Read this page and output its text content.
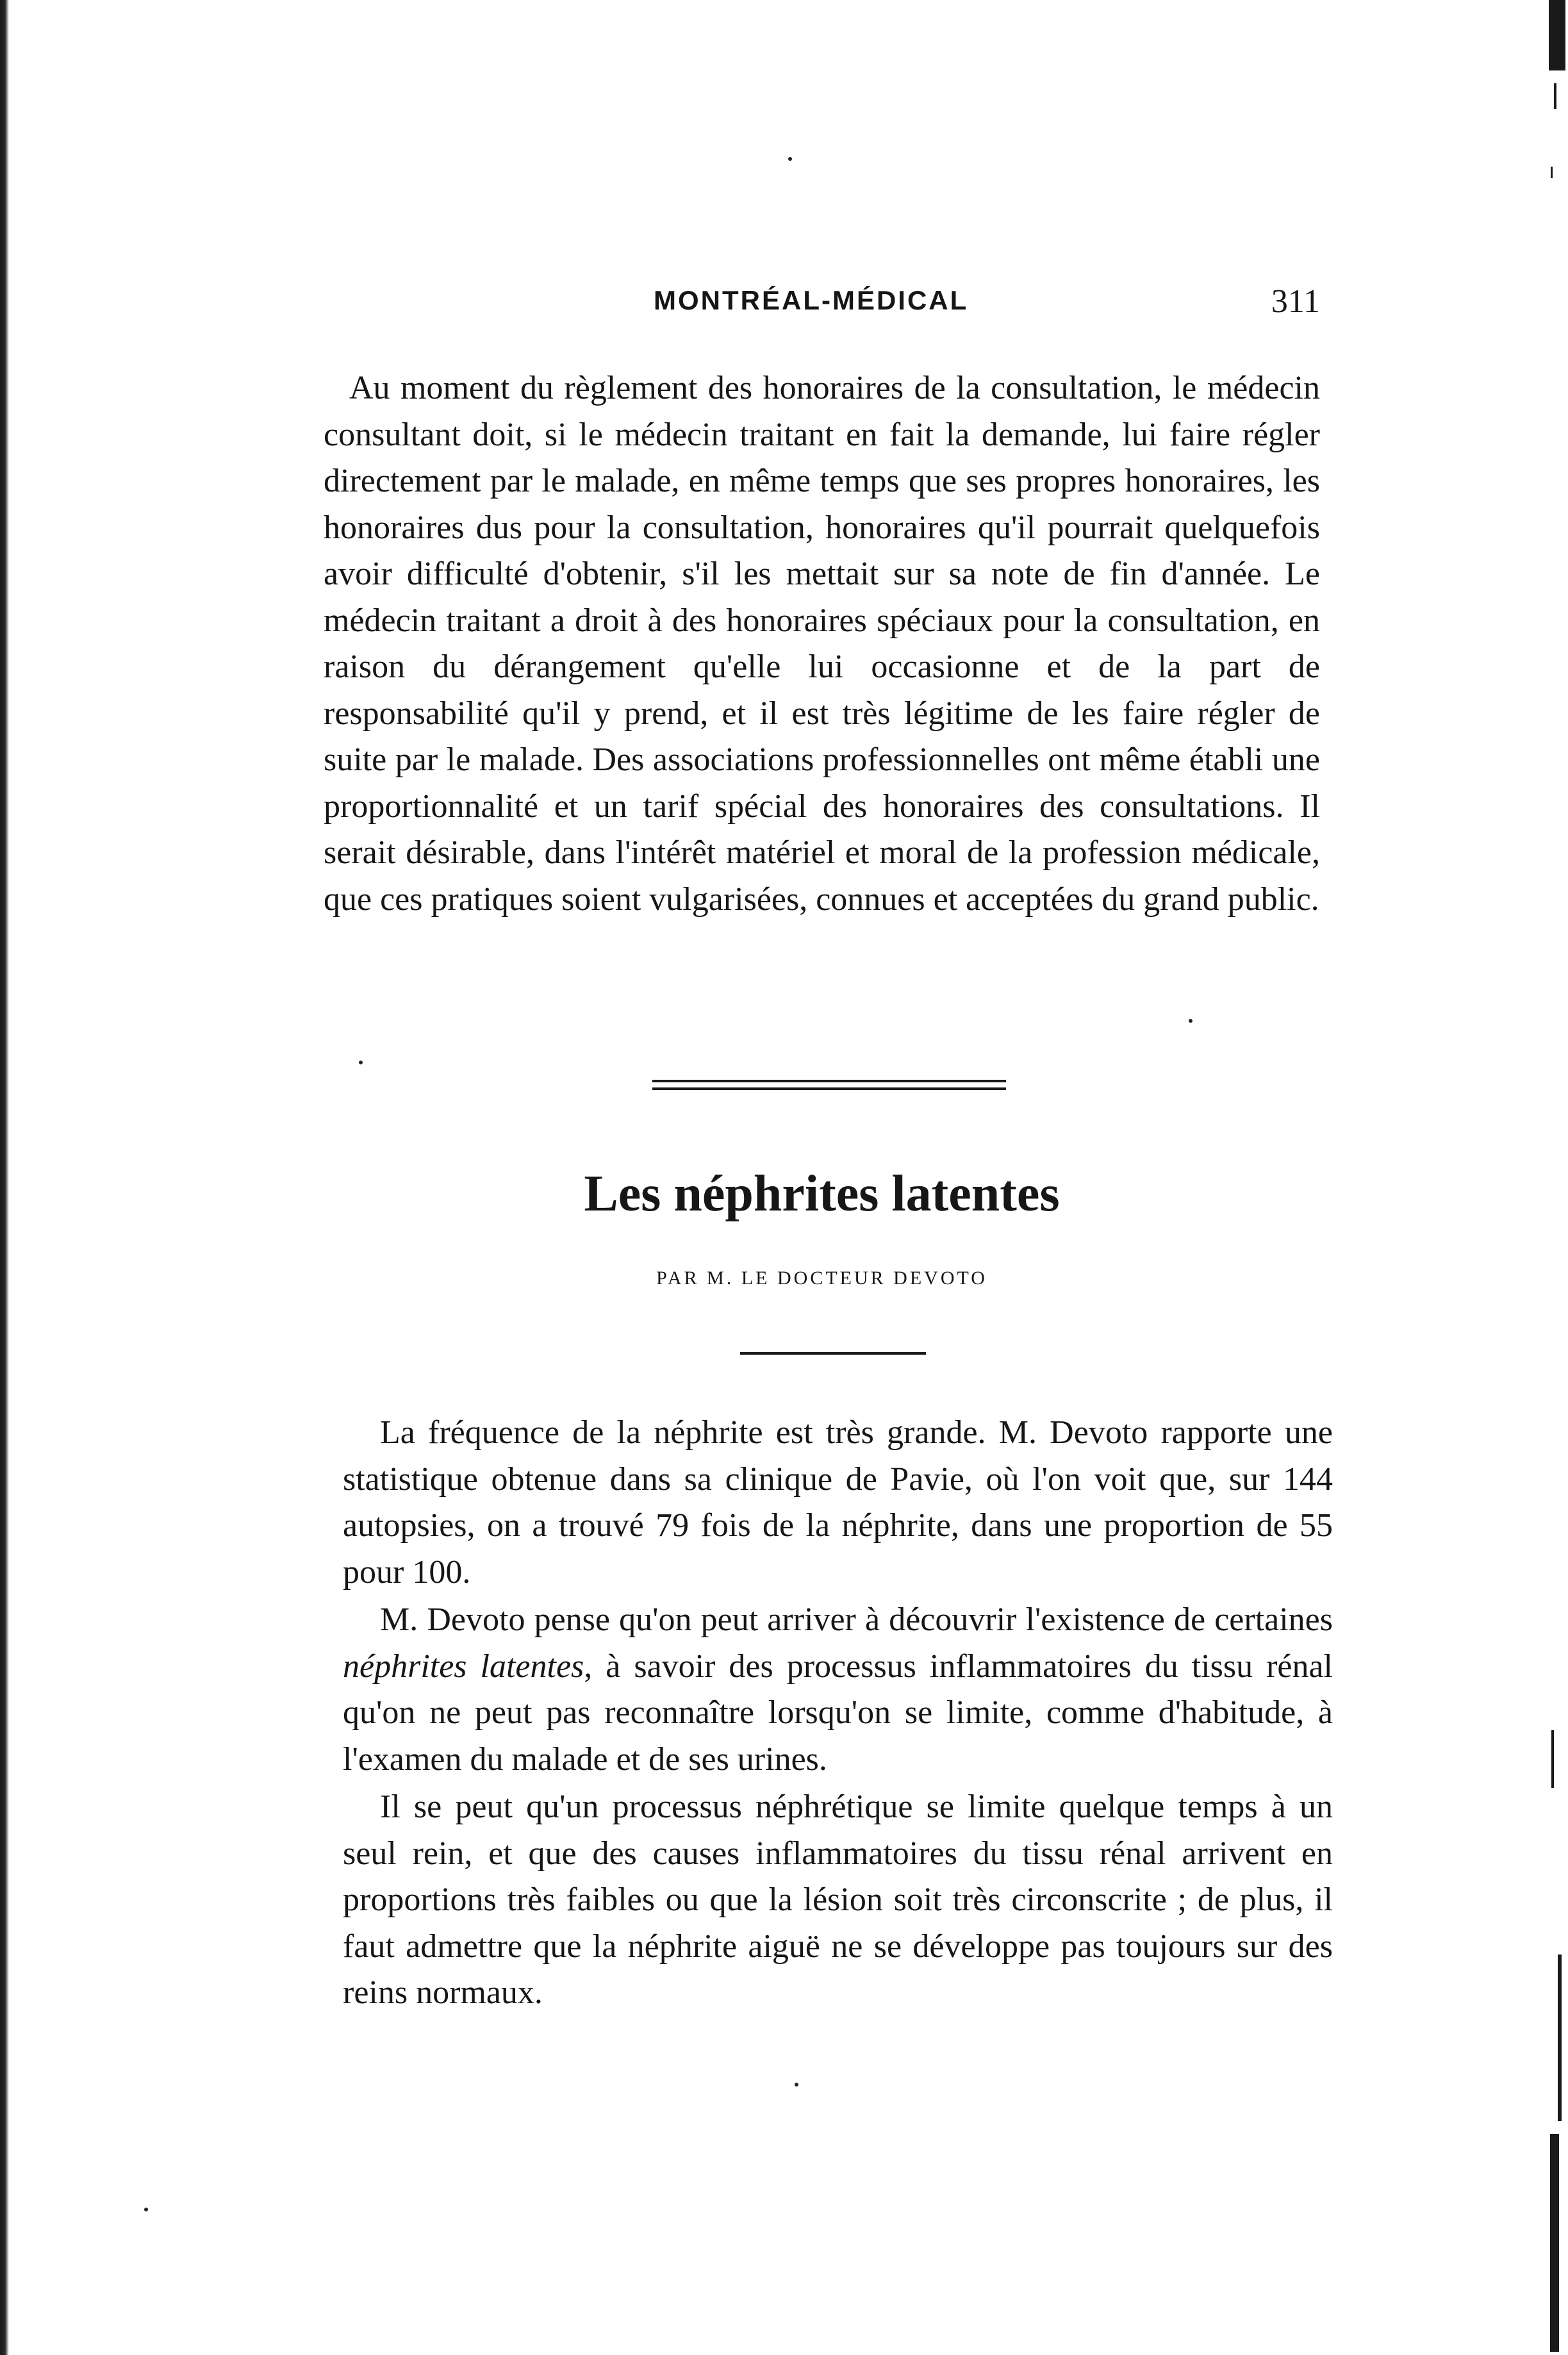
MONTRÉAL-MÉDICAL	311

Au moment du règlement des honoraires de la consultation, le médecin consultant doit, si le médecin traitant en fait la demande, lui faire régler directement par le malade, en même temps que ses propres honoraires, les honoraires dus pour la consultation, honoraires qu'il pourrait quelquefois avoir difficulté d'obtenir, s'il les mettait sur sa note de fin d'année. Le médecin traitant a droit à des honoraires spéciaux pour la consultation, en raison du dérangement qu'elle lui occasionne et de la part de responsabilité qu'il y prend, et il est très légitime de les faire régler de suite par le malade. Des associations professionnelles ont même établi une proportionnalité et un tarif spécial des honoraires des consultations. Il serait désirable, dans l'intérêt matériel et moral de la profession médicale, que ces pratiques soient vulgarisées, connues et acceptées du grand public.

Les néphrites latentes

PAR M. LE DOCTEUR DEVOTO

La fréquence de la néphrite est très grande. M. Devoto rapporte une statistique obtenue dans sa clinique de Pavie, où l'on voit que, sur 144 autopsies, on a trouvé 79 fois de la néphrite, dans une proportion de 55 pour 100.

M. Devoto pense qu'on peut arriver à découvrir l'existence de certaines néphrites latentes, à savoir des processus inflammatoires du tissu rénal qu'on ne peut pas reconnaître lorsqu'on se limite, comme d'habitude, à l'examen du malade et de ses urines.

Il se peut qu'un processus néphrétique se limite quelque temps à un seul rein, et que des causes inflammatoires du tissu rénal arrivent en proportions très faibles ou que la lésion soit très circonscrite ; de plus, il faut admettre que la néphrite aiguë ne se développe pas toujours sur des reins normaux.
